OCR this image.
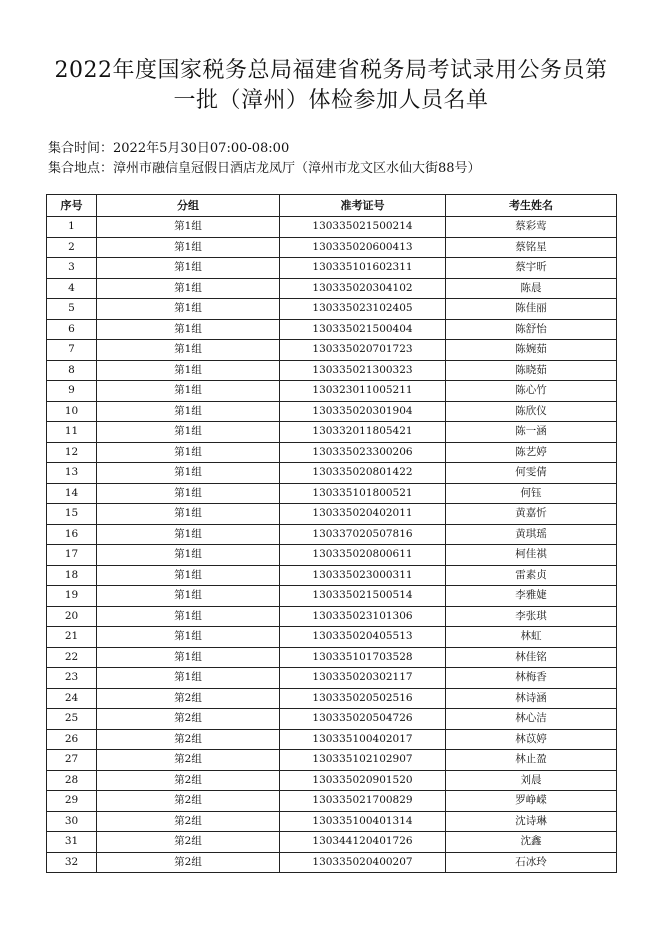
2022年度国家税务总局福建省税务局考试录用公务员第
一批（漳州）体检参加人员名单
集合时间：2022年5月30日07:00-08:00
集合地点：漳州市融信皇冠假日酒店龙凤厅（漳州市龙文区水仙大街88号）
序号	分组	准考证号	考生姓名
1	第1组	130335021500214	蔡彩莺
2	第1组	130335020600413	蔡铭星
3	第1组	130335101602311	蔡宇昕
4	第1组	130335020304102	陈晨
5	第1组	130335023102405	陈佳丽
6	第1组	130335021500404	陈舒怡
7	第1组	130335020701723	陈婉茹
8	第1组	130335021300323	陈晓茹
9	第1组	130323011005211	陈心竹
10	第1组	130335020301904	陈欣仪
11	第1组	130332011805421	陈一涵
12	第1组	130335023300206	陈艺婷
13	第1组	130335020801422	何雯倩
14	第1组	130335101800521	何钰
15	第1组	130335020402011	黄嘉忻
16	第1组	130337020507816	黄琪瑶
17	第1组	130335020800611	柯佳祺
18	第1组	130335023000311	雷素贞
19	第1组	130335021500514	李雅婕
20	第1组	130335023101306	李张琪
21	第1组	130335020405513	林虹
22	第1组	130335101703528	林佳铭
23	第1组	130335020302117	林梅香
24	第2组	130335020502516	林诗涵
25	第2组	130335020504726	林心洁
26	第2组	130335100402017	林苡婷
27	第2组	130335102102907	林止盈
28	第2组	130335020901520	刘晨
29	第2组	130335021700829	罗峥嵘
30	第2组	130335100401314	沈诗琳
31	第2组	130344120401726	沈鑫
32	第2组	130335020400207	石冰玲
